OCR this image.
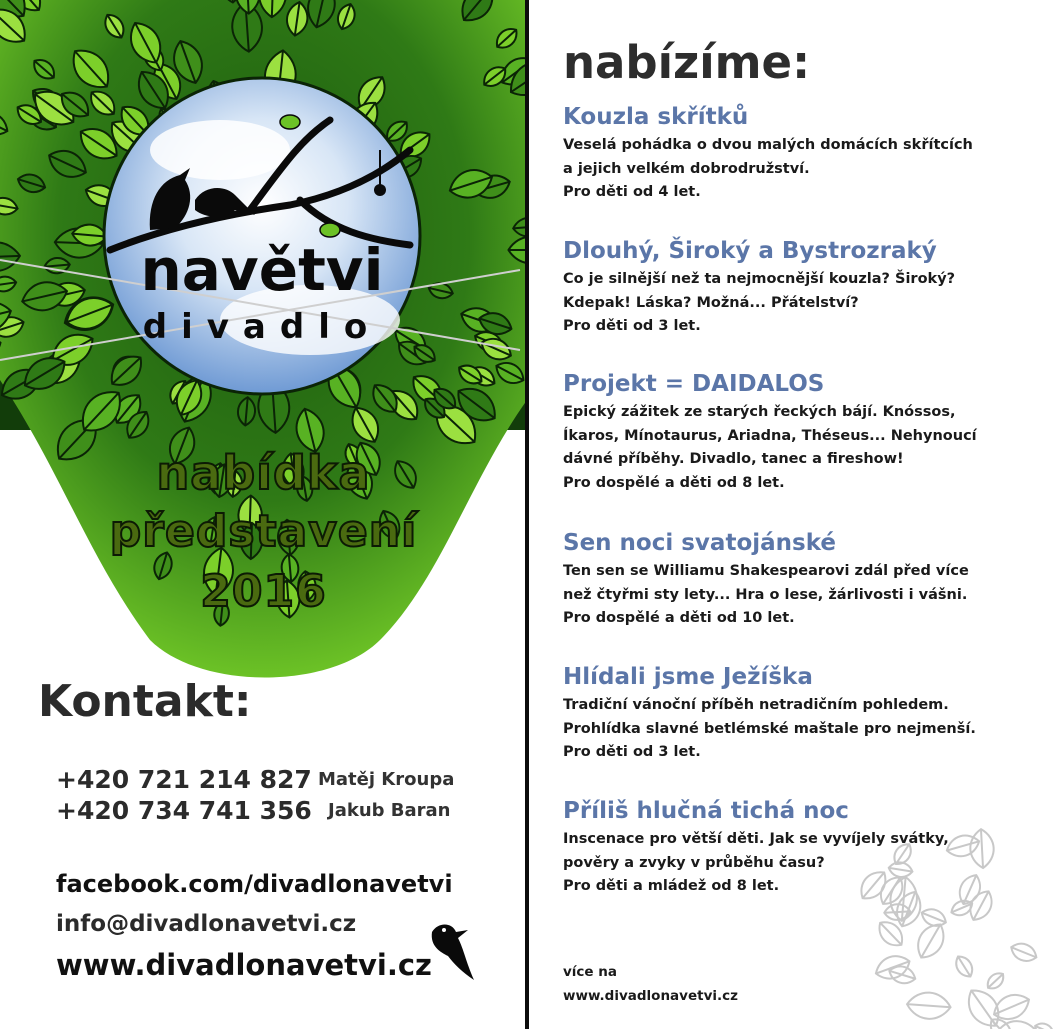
navětvi
divadlo
nabídka
představení
2016
Kontakt:
+420 721 214 827 Matěj Kroupa
+420 734 741 356 Jakub Baran
facebook.com/divadlonavetvi
info@divadlonavetvi.cz
www.divadlonavetvi.cz
nabízíme:
Kouzla skřítků
Veselá pohádka o dvou malých domácích skřítcích
a jejich velkém dobrodružství.
Pro děti od 4 let.
Dlouhý, Široký a Bystrozraký
Co je silnější než ta nejmocnější kouzla? Široký?
Kdepak! Láska? Možná... Přátelství?
Pro děti od 3 let.
Projekt = DAIDALOS
Epický zážitek ze starých řeckých bájí. Knóssos,
Íkaros, Mínotaurus, Ariadna, Théseus... Nehynoucí
dávné příběhy. Divadlo, tanec a fireshow!
Pro dospělé a děti od 8 let.
Sen noci svatojánské
Ten sen se Williamu Shakespearovi zdál před více
než čtyřmi sty lety... Hra o lese, žárlivosti i vášni.
Pro dospělé a děti od 10 let.
Hlídali jsme Ježíška
Tradiční vánoční příběh netradičním pohledem.
Prohlídka slavné betlémské maštale pro nejmenší.
Pro děti od 3 let.
Příliš hlučná tichá noc
Inscenace pro větší děti. Jak se vyvíjely svátky,
pověry a zvyky v průběhu času?
Pro děti a mládež od 8 let.
více na
www.divadlonavetvi.cz
